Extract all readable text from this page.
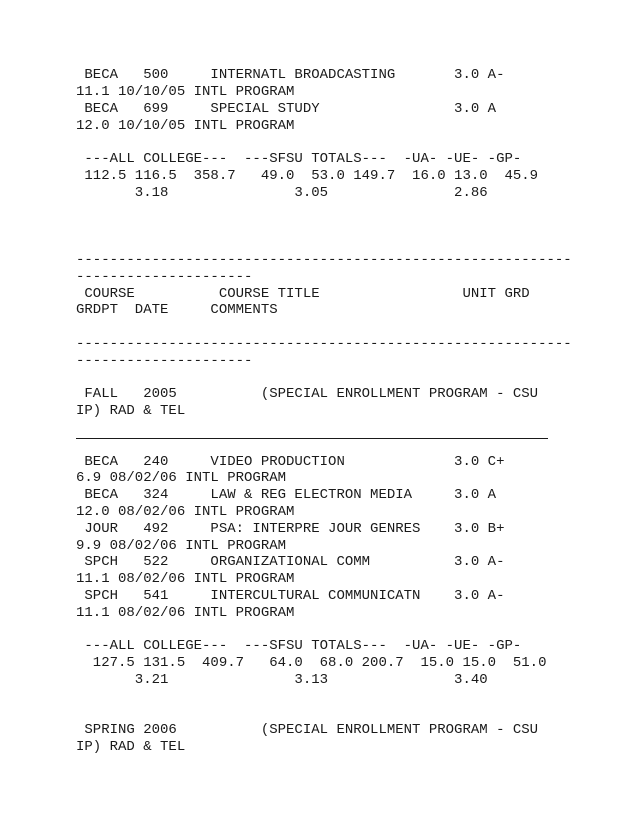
BECA   500     INTERNATL BROADCASTING       3.0 A-
11.1 10/10/05 INTL PROGRAM
BECA   699     SPECIAL STUDY                3.0 A
12.0 10/10/05 INTL PROGRAM
---ALL COLLEGE---  ---SFSU TOTALS---  -UA- -UE- -GP-
112.5 116.5  358.7   49.0  53.0 149.7  16.0 13.0  45.9
3.18               3.05               2.86
-----------------------------------------------------------
---------------------
COURSE          COURSE TITLE                 UNIT GRD
GRDPT  DATE     COMMENTS
-----------------------------------------------------------
---------------------
FALL   2005          (SPECIAL ENROLLMENT PROGRAM - CSU
IP) RAD & TEL
BECA   240     VIDEO PRODUCTION             3.0 C+
6.9 08/02/06 INTL PROGRAM
BECA   324     LAW & REG ELECTRON MEDIA     3.0 A
12.0 08/02/06 INTL PROGRAM
JOUR   492     PSA: INTERPRE JOUR GENRES    3.0 B+
9.9 08/02/06 INTL PROGRAM
SPCH   522     ORGANIZATIONAL COMM          3.0 A-
11.1 08/02/06 INTL PROGRAM
SPCH   541     INTERCULTURAL COMMUNICATN    3.0 A-
11.1 08/02/06 INTL PROGRAM
---ALL COLLEGE---  ---SFSU TOTALS---  -UA- -UE- -GP-
127.5 131.5  409.7   64.0  68.0 200.7  15.0 15.0  51.0
3.21               3.13               3.40
SPRING 2006          (SPECIAL ENROLLMENT PROGRAM - CSU
IP) RAD & TEL
